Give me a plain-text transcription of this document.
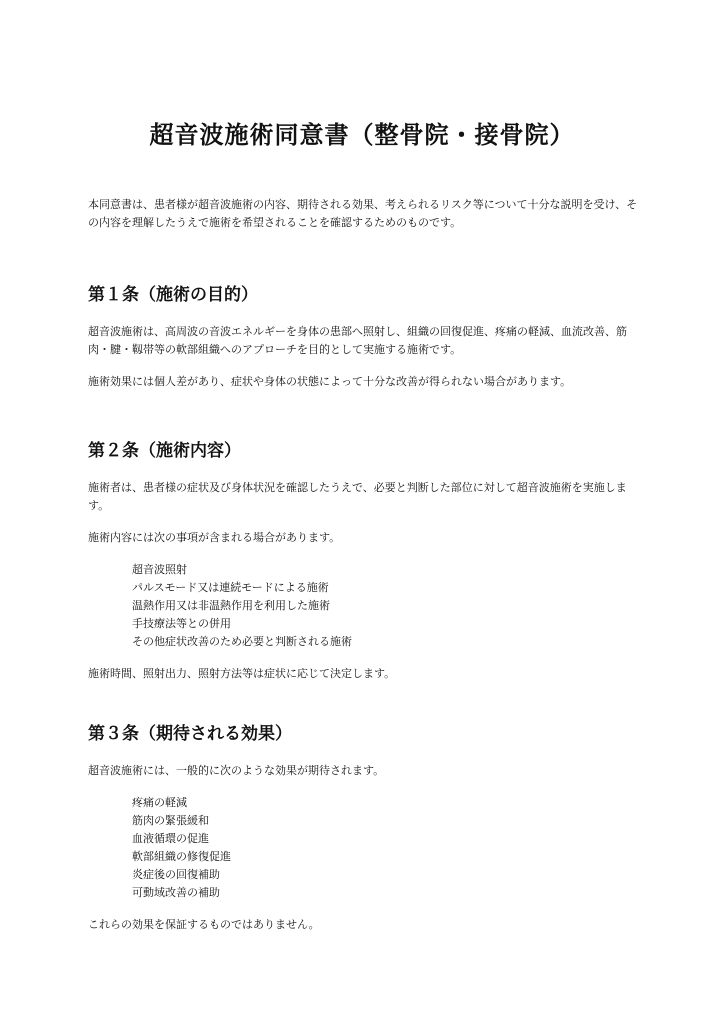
超音波施術同意書（整骨院・接骨院）

本同意書は、患者様が超音波施術の内容、期待される効果、考えられるリスク等について十分な説明を受け、その内容を理解したうえで施術を希望されることを確認するためのものです。

第１条（施術の目的）

超音波施術は、高周波の音波エネルギーを身体の患部へ照射し、組織の回復促進、疼痛の軽減、血流改善、筋肉・腱・靱帯等の軟部組織へのアプローチを目的として実施する施術です。

施術効果には個人差があり、症状や身体の状態によって十分な改善が得られない場合があります。

第２条（施術内容）

施術者は、患者様の症状及び身体状況を確認したうえで、必要と判断した部位に対して超音波施術を実施します。

施術内容には次の事項が含まれる場合があります。

超音波照射
パルスモード又は連続モードによる施術
温熱作用又は非温熱作用を利用した施術
手技療法等との併用
その他症状改善のため必要と判断される施術

施術時間、照射出力、照射方法等は症状に応じて決定します。

第３条（期待される効果）

超音波施術には、一般的に次のような効果が期待されます。

疼痛の軽減
筋肉の緊張緩和
血液循環の促進
軟部組織の修復促進
炎症後の回復補助
可動域改善の補助

これらの効果を保証するものではありません。
